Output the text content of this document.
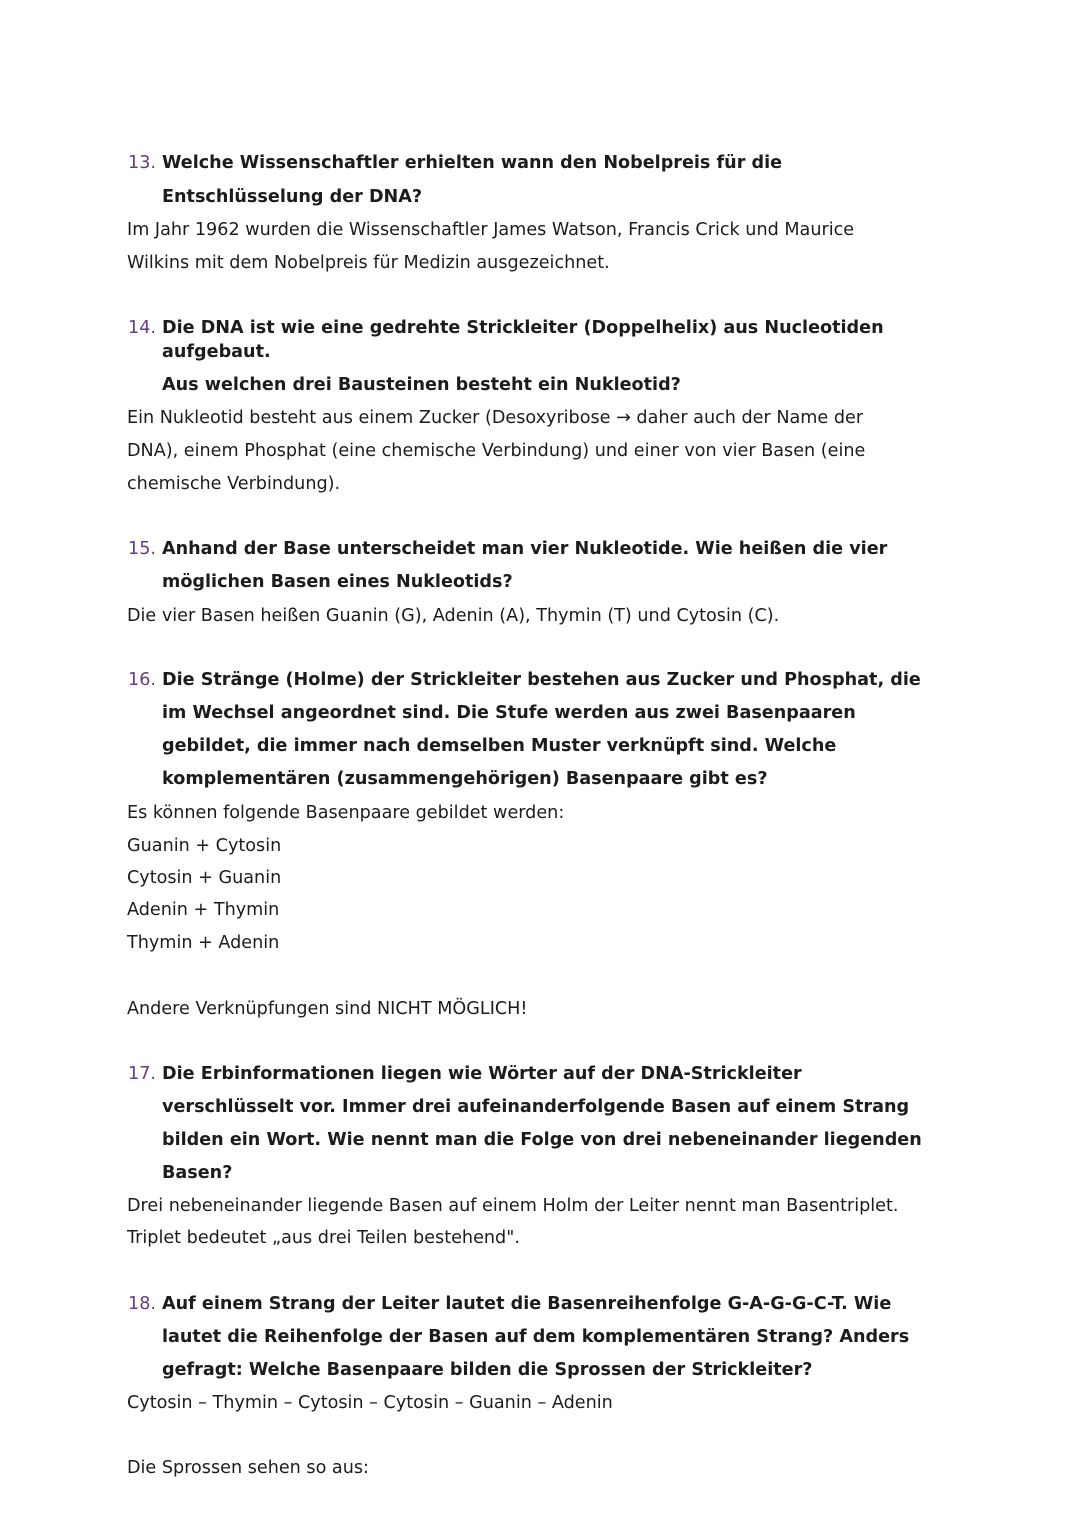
13. Welche Wissenschaftler erhielten wann den Nobelpreis für die
Entschlüsselung der DNA?
Im Jahr 1962 wurden die Wissenschaftler James Watson, Francis Crick und Maurice
Wilkins mit dem Nobelpreis für Medizin ausgezeichnet.
14. Die DNA ist wie eine gedrehte Strickleiter (Doppelhelix) aus Nucleotiden
aufgebaut.
Aus welchen drei Bausteinen besteht ein Nukleotid?
Ein Nukleotid besteht aus einem Zucker (Desoxyribose → daher auch der Name der
DNA), einem Phosphat (eine chemische Verbindung) und einer von vier Basen (eine
chemische Verbindung).
15. Anhand der Base unterscheidet man vier Nukleotide. Wie heißen die vier
möglichen Basen eines Nukleotids?
Die vier Basen heißen Guanin (G), Adenin (A), Thymin (T) und Cytosin (C).
16. Die Stränge (Holme) der Strickleiter bestehen aus Zucker und Phosphat, die
im Wechsel angeordnet sind. Die Stufe werden aus zwei Basenpaaren
gebildet, die immer nach demselben Muster verknüpft sind. Welche
komplementären (zusammengehörigen) Basenpaare gibt es?
Es können folgende Basenpaare gebildet werden:
Guanin + Cytosin
Cytosin + Guanin
Adenin + Thymin
Thymin + Adenin
Andere Verknüpfungen sind NICHT MÖGLICH!
17. Die Erbinformationen liegen wie Wörter auf der DNA-Strickleiter
verschlüsselt vor. Immer drei aufeinanderfolgende Basen auf einem Strang
bilden ein Wort. Wie nennt man die Folge von drei nebeneinander liegenden
Basen?
Drei nebeneinander liegende Basen auf einem Holm der Leiter nennt man Basentriplet.
Triplet bedeutet „aus drei Teilen bestehend".
18. Auf einem Strang der Leiter lautet die Basenreihenfolge G-A-G-G-C-T. Wie
lautet die Reihenfolge der Basen auf dem komplementären Strang? Anders
gefragt: Welche Basenpaare bilden die Sprossen der Strickleiter?
Cytosin – Thymin – Cytosin – Cytosin – Guanin – Adenin
Die Sprossen sehen so aus:
